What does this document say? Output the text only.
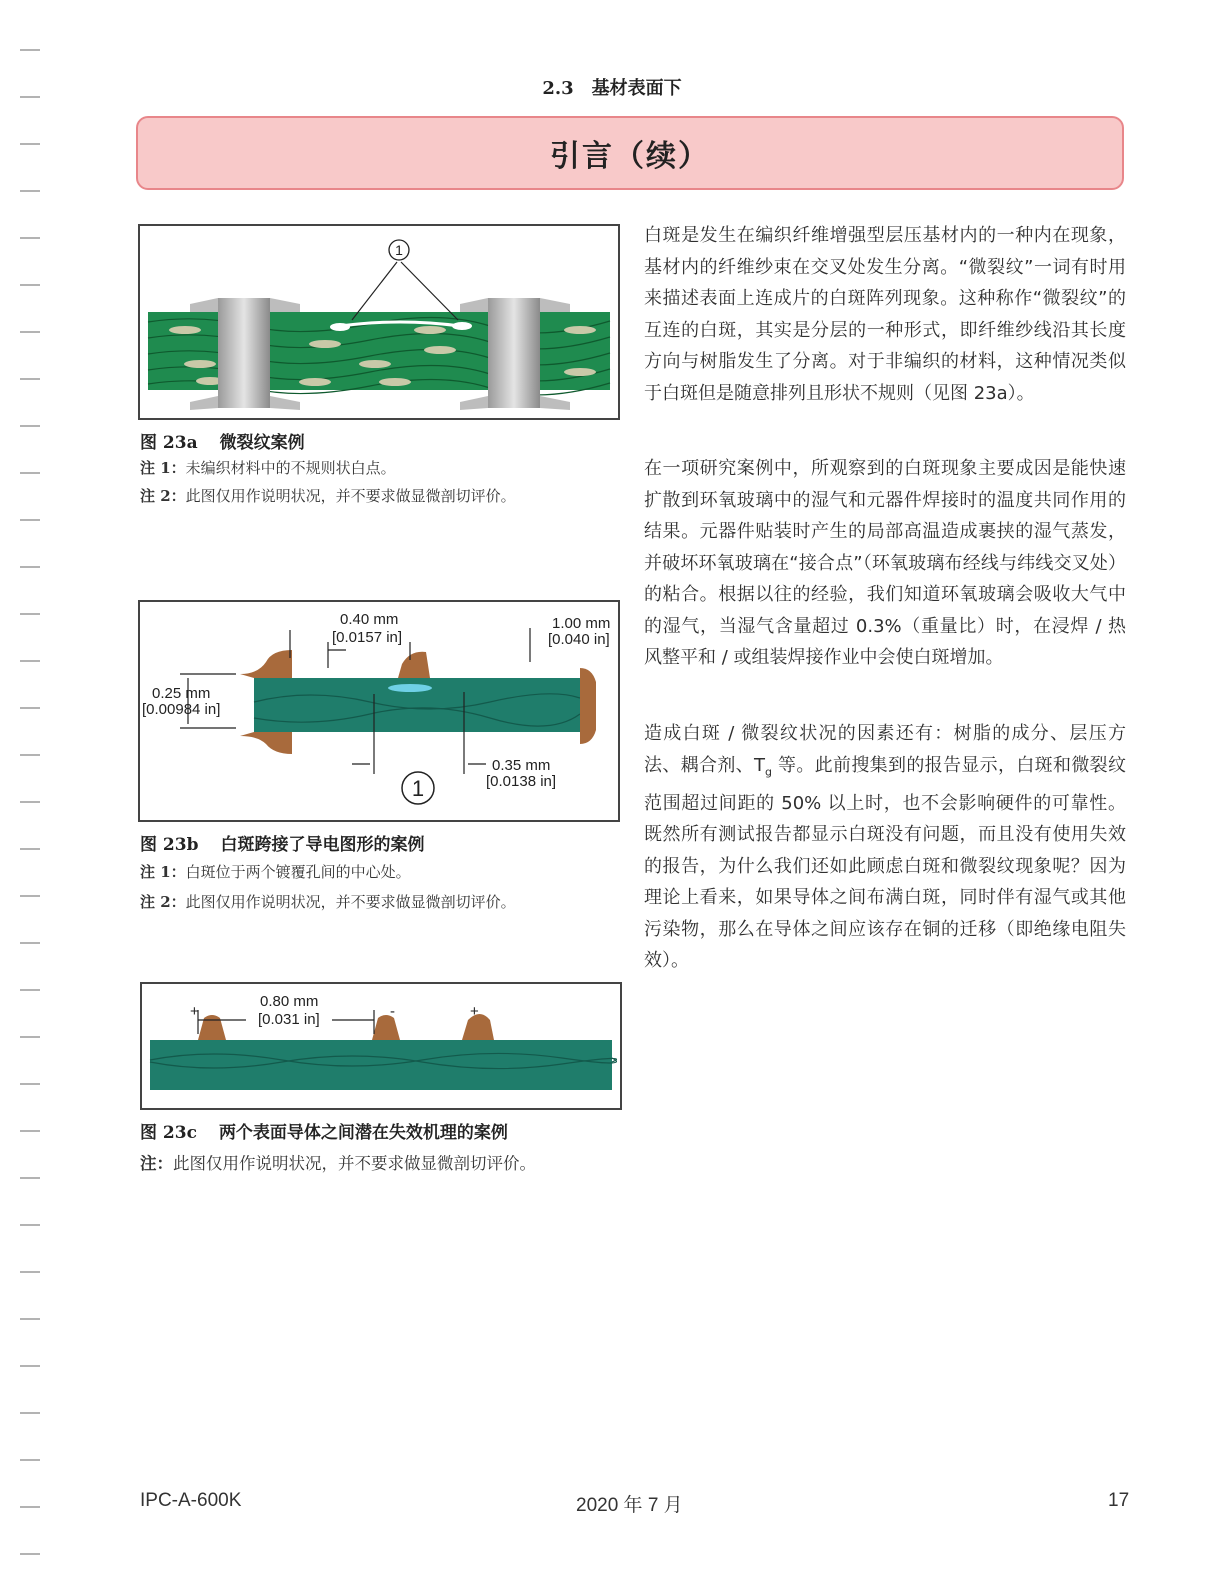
2.3　基材表面下
引言（续）
1
图 23a 微裂纹案例
注 1：未编织材料中的不规则状白点。
注 2：此图仅用作说明状况，并不要求做显微剖切评价。
0.40 mm
[0.0157 in]
1.00 mm
[0.040 in]
0.25 mm
[0.00984 in]
0.35 mm
[0.0138 in]
1
图 23b 白斑跨接了导电图形的案例
注 1：白斑位于两个镀覆孔间的中心处。
注 2：此图仅用作说明状况，并不要求做显微剖切评价。
+	-	+
0.80 mm
[0.031 in]
图 23c 两个表面导体之间潜在失效机理的案例
注：此图仅用作说明状况，并不要求做显微剖切评价。

白斑是发生在编织纤维增强型层压基材内的一种内在现象，基材内的纤维纱束在交叉处发生分离。“微裂纹”一词有时用来描述表面上连成片的白斑阵列现象。这种称作“微裂纹”的互连的白斑，其实是分层的一种形式，即纤维纱线沿其长度方向与树脂发生了分离。对于非编织的材料，这种情况类似于白斑但是随意排列且形状不规则（见图 23a）。

在一项研究案例中，所观察到的白斑现象主要成因是能快速扩散到环氧玻璃中的湿气和元器件焊接时的温度共同作用的结果。元器件贴装时产生的局部高温造成裹挟的湿气蒸发，并破坏环氧玻璃在“接合点”（环氧玻璃布经线与纬线交叉处）的粘合。根据以往的经验，我们知道环氧玻璃会吸收大气中的湿气，当湿气含量超过 0.3%（重量比）时，在浸焊 / 热风整平和 / 或组装焊接作业中会使白斑增加。

造成白斑 / 微裂纹状况的因素还有：树脂的成分、层压方法、耦合剂、$T_g$ 等。此前搜集到的报告显示，白斑和微裂纹范围超过间距的 50% 以上时，也不会影响硬件的可靠性。既然所有测试报告都显示白斑没有问题，而且没有使用失效的报告，为什么我们还如此顾虑白斑和微裂纹现象呢？因为理论上看来，如果导体之间布满白斑，同时伴有湿气或其他污染物，那么在导体之间应该存在铜的迁移（即绝缘电阻失效）。

IPC-A-600K	2020 年 7 月	17
